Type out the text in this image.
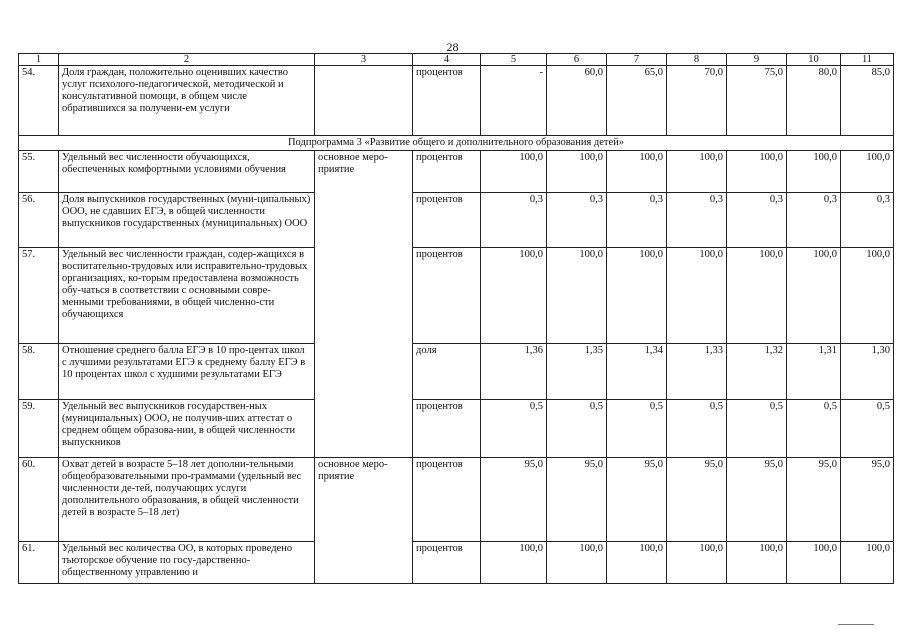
28
1	2	3	4	5	6	7	8	9	10	11
54.	Доля граждан, положительно оценивших качество услуг психолого-педагогической, методической и консультативной помощи, в общем числе обратившихся за получени-ем услуги		процентов	-	60,0	65,0	70,0	75,0	80,0	85,0
Подпрограмма 3 «Развитие общего и дополнительного образования детей»										
55.	Удельный вес численности обучающихся, обеспеченных комфортными условиями обучения	основное меро-приятие	процентов	100,0	100,0	100,0	100,0	100,0	100,0	100,0
56.	Доля выпускников государственных (муни-ципальных) ООО, не сдавших ЕГЭ, в общей численности выпускников государственных (муниципальных) ООО		процентов	0,3	0,3	0,3	0,3	0,3	0,3	0,3
57.	Удельный вес численности граждан, содер-жащихся в воспитательно-трудовых или исправительно-трудовых организациях, ко-торым предоставлена возможность обу-чаться в соответствии с основными совре-менными требованиями, в общей численно-сти обучающихся		процентов	100,0	100,0	100,0	100,0	100,0	100,0	100,0
58.	Отношение среднего балла ЕГЭ в 10 про-центах школ с лучшими результатами ЕГЭ к среднему баллу ЕГЭ в 10 процентах школ с худшими результатами ЕГЭ		доля	1,36	1,35	1,34	1,33	1,32	1,31	1,30
59.	Удельный вес выпускников государствен-ных (муниципальных) ООО, не получив-ших аттестат о среднем общем образова-нии, в общей численности выпускников		процентов	0,5	0,5	0,5	0,5	0,5	0,5	0,5
60.	Охват детей в возрасте 5–18 лет дополни-тельными общеобразовательными про-граммами (удельный вес численности де-тей, получающих услуги дополнительного образования, в общей численности детей в возрасте 5–18 лет)	основное меро-приятие	процентов	95,0	95,0	95,0	95,0	95,0	95,0	95,0
61.	Удельный вес количества ОО, в которых проведено тьюторское обучение по госу-дарственно-общественному управлению и		процентов	100,0	100,0	100,0	100,0	100,0	100,0	100,0
